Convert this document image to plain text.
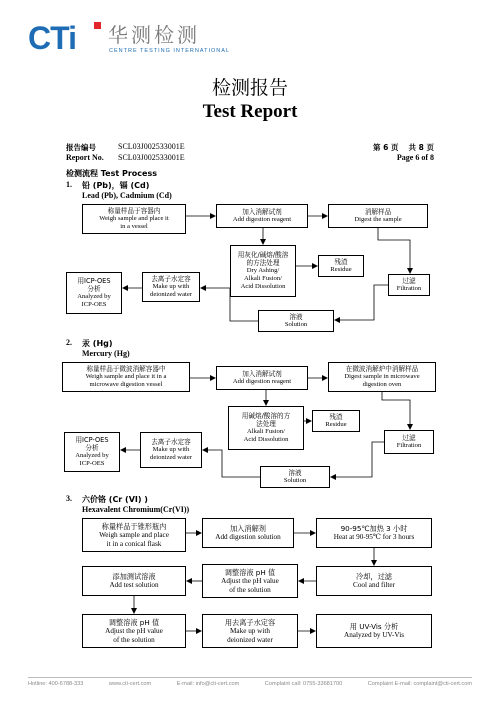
CTi 华测检测
CENTRE TESTING INTERNATIONAL
检测报告
Test Report
报告编号
Report No.
SCL03J002533001E
SCL03J002533001E
第 6 页　 共 8 页
Page 6 of 8
检测流程 Test Process
1. 铅 (Pb)，镉 (Cd)
Lead (Pb), Cadmium (Cd)
称量样品于容器内
Weigh sample and place it
in a vessel
加入消解试剂
Add digestion reagent
消解样品
Digest the sample
用灰化/碱熔/酸溶
的方法处理
Dry Ashing/
Alkali Fusion/
Acid Dissolution
残渣
Residue
过滤
Filtration
溶液
Solution
去离子水定容
Make up with
deionized water
用ICP-OES
分析
Analyzed by
ICP-OES
2. 汞 (Hg)
Mercury (Hg)
称量样品于微波消解容器中
Weigh sample and place it in a
microwave digestion vessel
加入消解试剂
Add digestion reagent
在微波消解炉中消解样品
Digest sample in microwave
digestion oven
用碱熔/酸溶的方
法处理
Alkali Fusion/
Acid Dissolution
残渣
Residue
过滤
Filtration
溶液
Solution
去离子水定容
Make up with
deionized water
用ICP-OES
分析
Analyzed by
ICP-OES
3. 六价铬 (Cr (VI) )
Hexavalent Chromium(Cr(VI))
称量样品于锥形瓶内
Weigh sample and place
it in a conical flask
加入消解剂
Add digestion solution
90-95℃加热 3 小时
Heat at 90-95℃ for 3 hours
添加测试溶液
Add test solution
调整溶液 pH 值
Adjust the pH value
of the solution
冷却，过滤
Cool and filter
调整溶液 pH 值
Adjust the pH value
of the solution
用去离子水定容
Make up with
deionized water
用 UV-Vis 分析
Analyzed by UV-Vis
Hotline: 400-6788-333	www.cti-cert.com	E-mail: info@cti-cert.com	Complaint call: 0755-33681700	Complaint E-mail: complaint@cti-cert.com
